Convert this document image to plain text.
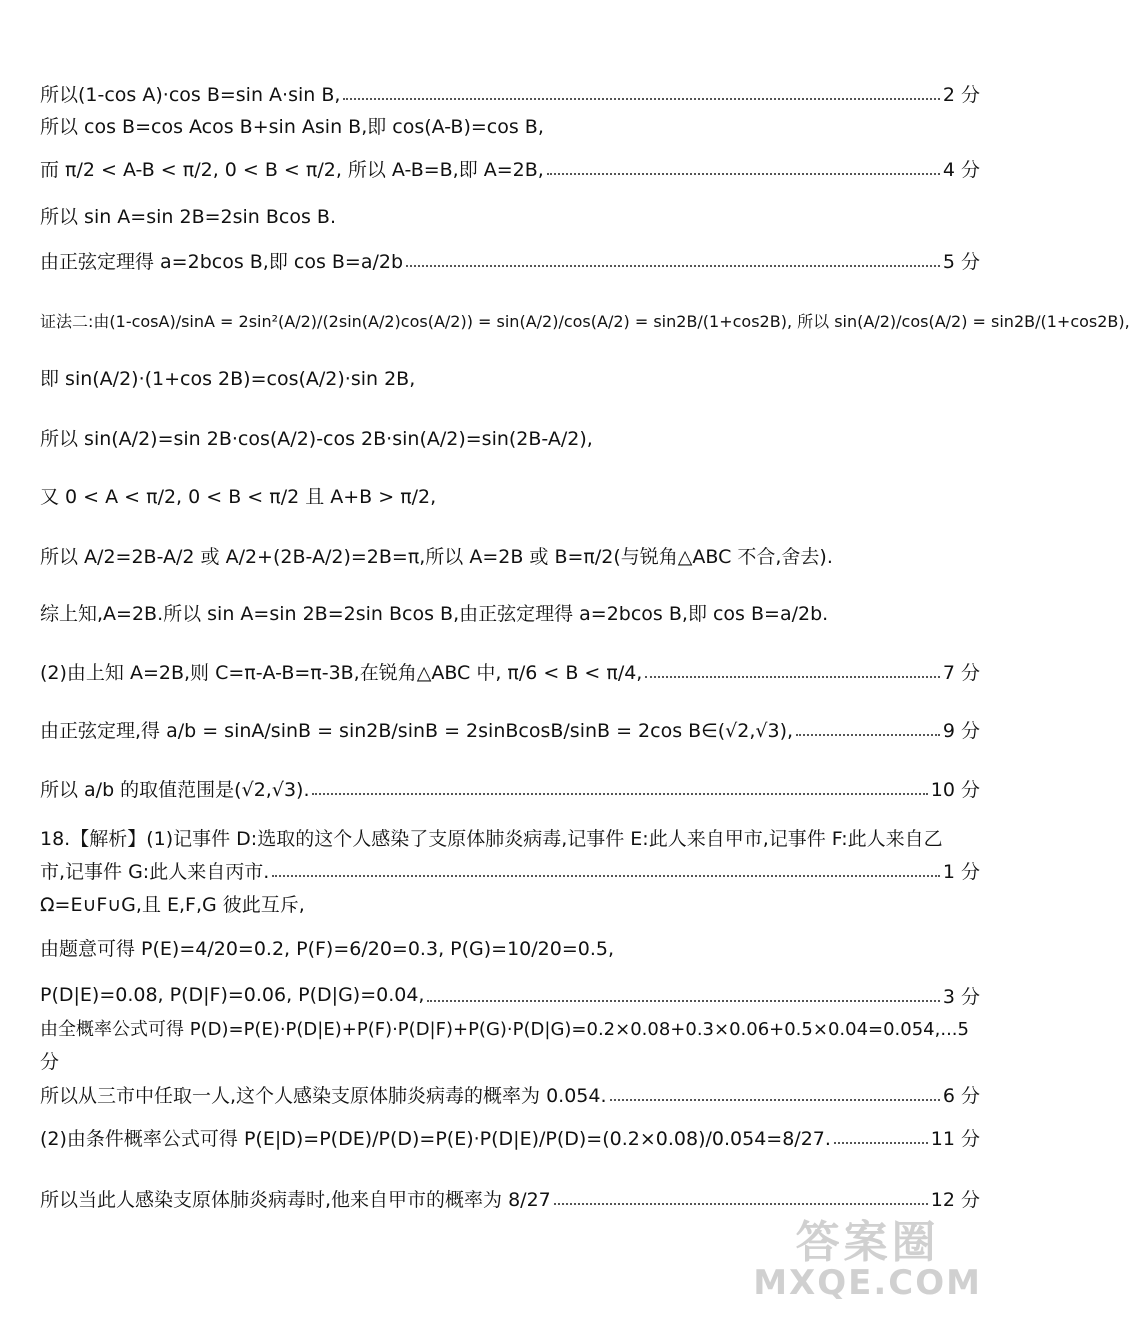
所以(1-cos A)·cos B=sin A·sin B,	2 分
所以 cos B=cos Acos B+sin Asin B,即 cos(A-B)=cos B,
而 π/2 < A-B < π/2, 0 < B < π/2, 所以 A-B=B,即 A=2B,	4 分
所以 sin A=sin 2B=2sin Bcos B.
由正弦定理得 a=2bcos B,即 cos B=a/2b	5 分
证法二:由(1-cosA)/sinA = 2sin²(A/2)/(2sin(A/2)cos(A/2)) = sin(A/2)/cos(A/2) = sin2B/(1+cos2B), 所以 sin(A/2)/cos(A/2) = sin2B/(1+cos2B),
即 sin(A/2)·(1+cos 2B)=cos(A/2)·sin 2B,
所以 sin(A/2)=sin 2B·cos(A/2)-cos 2B·sin(A/2)=sin(2B-A/2),
又 0 < A < π/2, 0 < B < π/2 且 A+B > π/2,
所以 A/2=2B-A/2 或 A/2+(2B-A/2)=2B=π,所以 A=2B 或 B=π/2(与锐角△ABC 不合,舍去).
综上知,A=2B.所以 sin A=sin 2B=2sin Bcos B,由正弦定理得 a=2bcos B,即 cos B=a/2b.
(2)由上知 A=2B,则 C=π-A-B=π-3B,在锐角△ABC 中, π/6 < B < π/4,	7 分
由正弦定理,得 a/b = sinA/sinB = sin2B/sinB = 2sinBcosB/sinB = 2cos B∈(√2,√3),	9 分
所以 a/b 的取值范围是(√2,√3).	10 分
18.【解析】(1)记事件 D:选取的这个人感染了支原体肺炎病毒,记事件 E:此人来自甲市,记事件 F:此人来自乙
市,记事件 G:此人来自丙市.	1 分
Ω=E∪F∪G,且 E,F,G 彼此互斥,
由题意可得 P(E)=4/20=0.2, P(F)=6/20=0.3, P(G)=10/20=0.5,
P(D|E)=0.08, P(D|F)=0.06, P(D|G)=0.04,	3 分
由全概率公式可得 P(D)=P(E)·P(D|E)+P(F)·P(D|F)+P(G)·P(D|G)=0.2×0.08+0.3×0.06+0.5×0.04=0.054,...5
分
所以从三市中任取一人,这个人感染支原体肺炎病毒的概率为 0.054.	6 分
(2)由条件概率公式可得 P(E|D)=P(DE)/P(D)=P(E)·P(D|E)/P(D)=(0.2×0.08)/0.054=8/27.	11 分
所以当此人感染支原体肺炎病毒时,他来自甲市的概率为 8/27	12 分
答案圈
MXQE.COM
